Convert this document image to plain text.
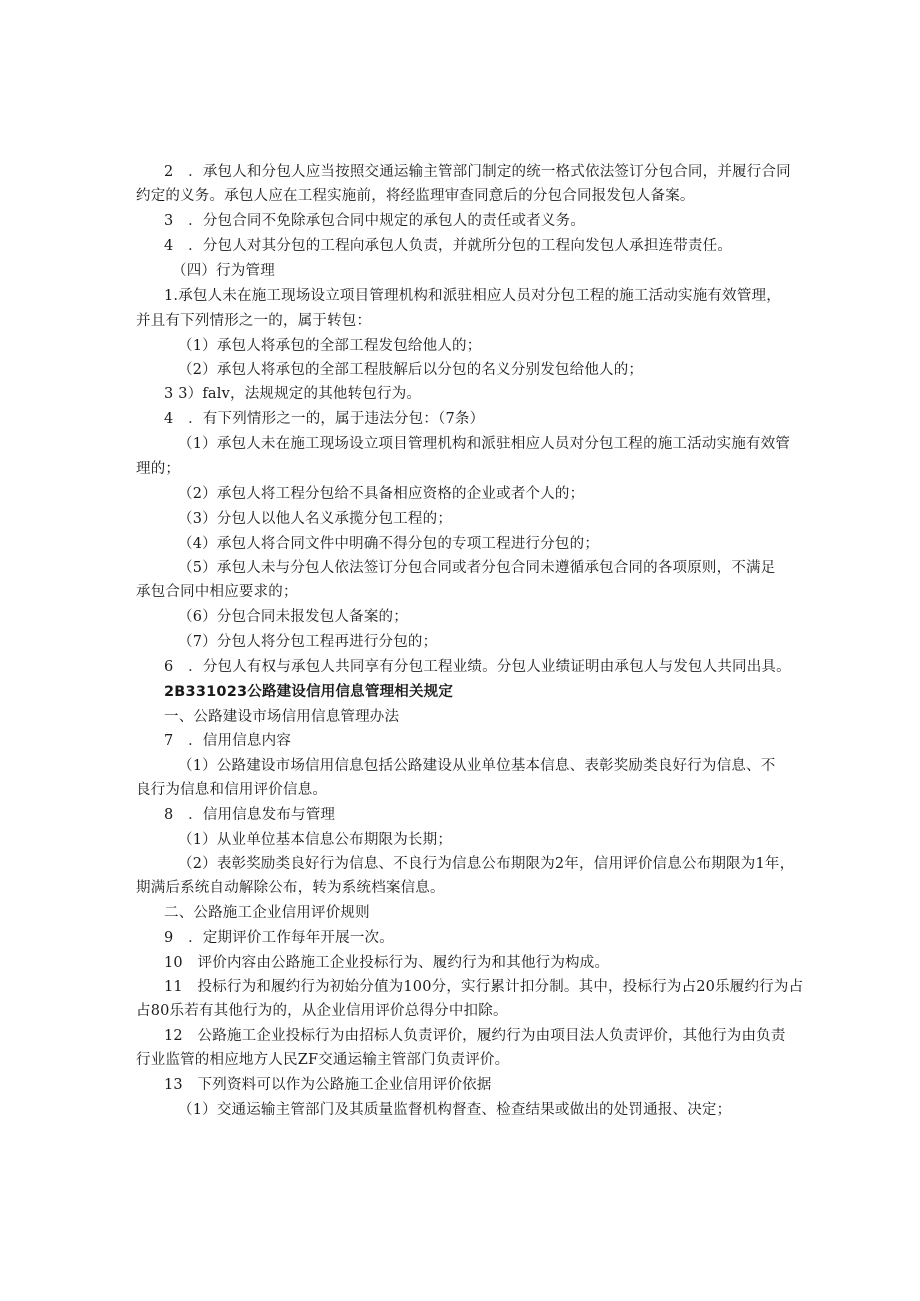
2　．承包人和分包人应当按照交通运输主管部门制定的统一格式依法签订分包合同，并履行合同
约定的义务。承包人应在工程实施前，将经监理审查同意后的分包合同报发包人备案。
3　．分包合同不免除承包合同中规定的承包人的责任或者义务。
4　．分包人对其分包的工程向承包人负责，并就所分包的工程向发包人承担连带责任。
（四）行为管理
1.承包人未在施工现场设立项目管理机构和派驻相应人员对分包工程的施工活动实施有效管理，
并且有下列情形之一的，属于转包：
（1）承包人将承包的全部工程发包给他人的；
（2）承包人将承包的全部工程肢解后以分包的名义分别发包给他人的；
3 3）falv，法规规定的其他转包行为。
4　．有下列情形之一的，属于违法分包：（7条）
（1）承包人未在施工现场设立项目管理机构和派驻相应人员对分包工程的施工活动实施有效管
理的；
（2）承包人将工程分包给不具备相应资格的企业或者个人的；
（3）分包人以他人名义承揽分包工程的；
（4）承包人将合同文件中明确不得分包的专项工程进行分包的；
（5）承包人未与分包人依法签订分包合同或者分包合同未遵循承包合同的各项原则，不满足
承包合同中相应要求的；
（6）分包合同未报发包人备案的；
（7）分包人将分包工程再进行分包的；
6　．分包人有权与承包人共同享有分包工程业绩。分包人业绩证明由承包人与发包人共同出具。
2B331023公路建设信用信息管理相关规定
一、公路建设市场信用信息管理办法
7　．信用信息内容
（1）公路建设市场信用信息包括公路建设从业单位基本信息、表彰奖励类良好行为信息、不
良行为信息和信用评价信息。
8　．信用信息发布与管理
（1）从业单位基本信息公布期限为长期；
（2）表彰奖励类良好行为信息、不良行为信息公布期限为2年，信用评价信息公布期限为1年，
期满后系统自动解除公布，转为系统档案信息。
二、公路施工企业信用评价规则
9　．定期评价工作每年开展一次。
10　评价内容由公路施工企业投标行为、履约行为和其他行为构成。
11　投标行为和履约行为初始分值为100分，实行累计扣分制。其中，投标行为占20乐履约行为占
占80乐若有其他行为的，从企业信用评价总得分中扣除。
12　公路施工企业投标行为由招标人负责评价，履约行为由项目法人负责评价，其他行为由负责
行业监管的相应地方人民ZF交通运输主管部门负责评价。
13　下列资料可以作为公路施工企业信用评价依据
（1）交通运输主管部门及其质量监督机构督查、检查结果或做出的处罚通报、决定；
